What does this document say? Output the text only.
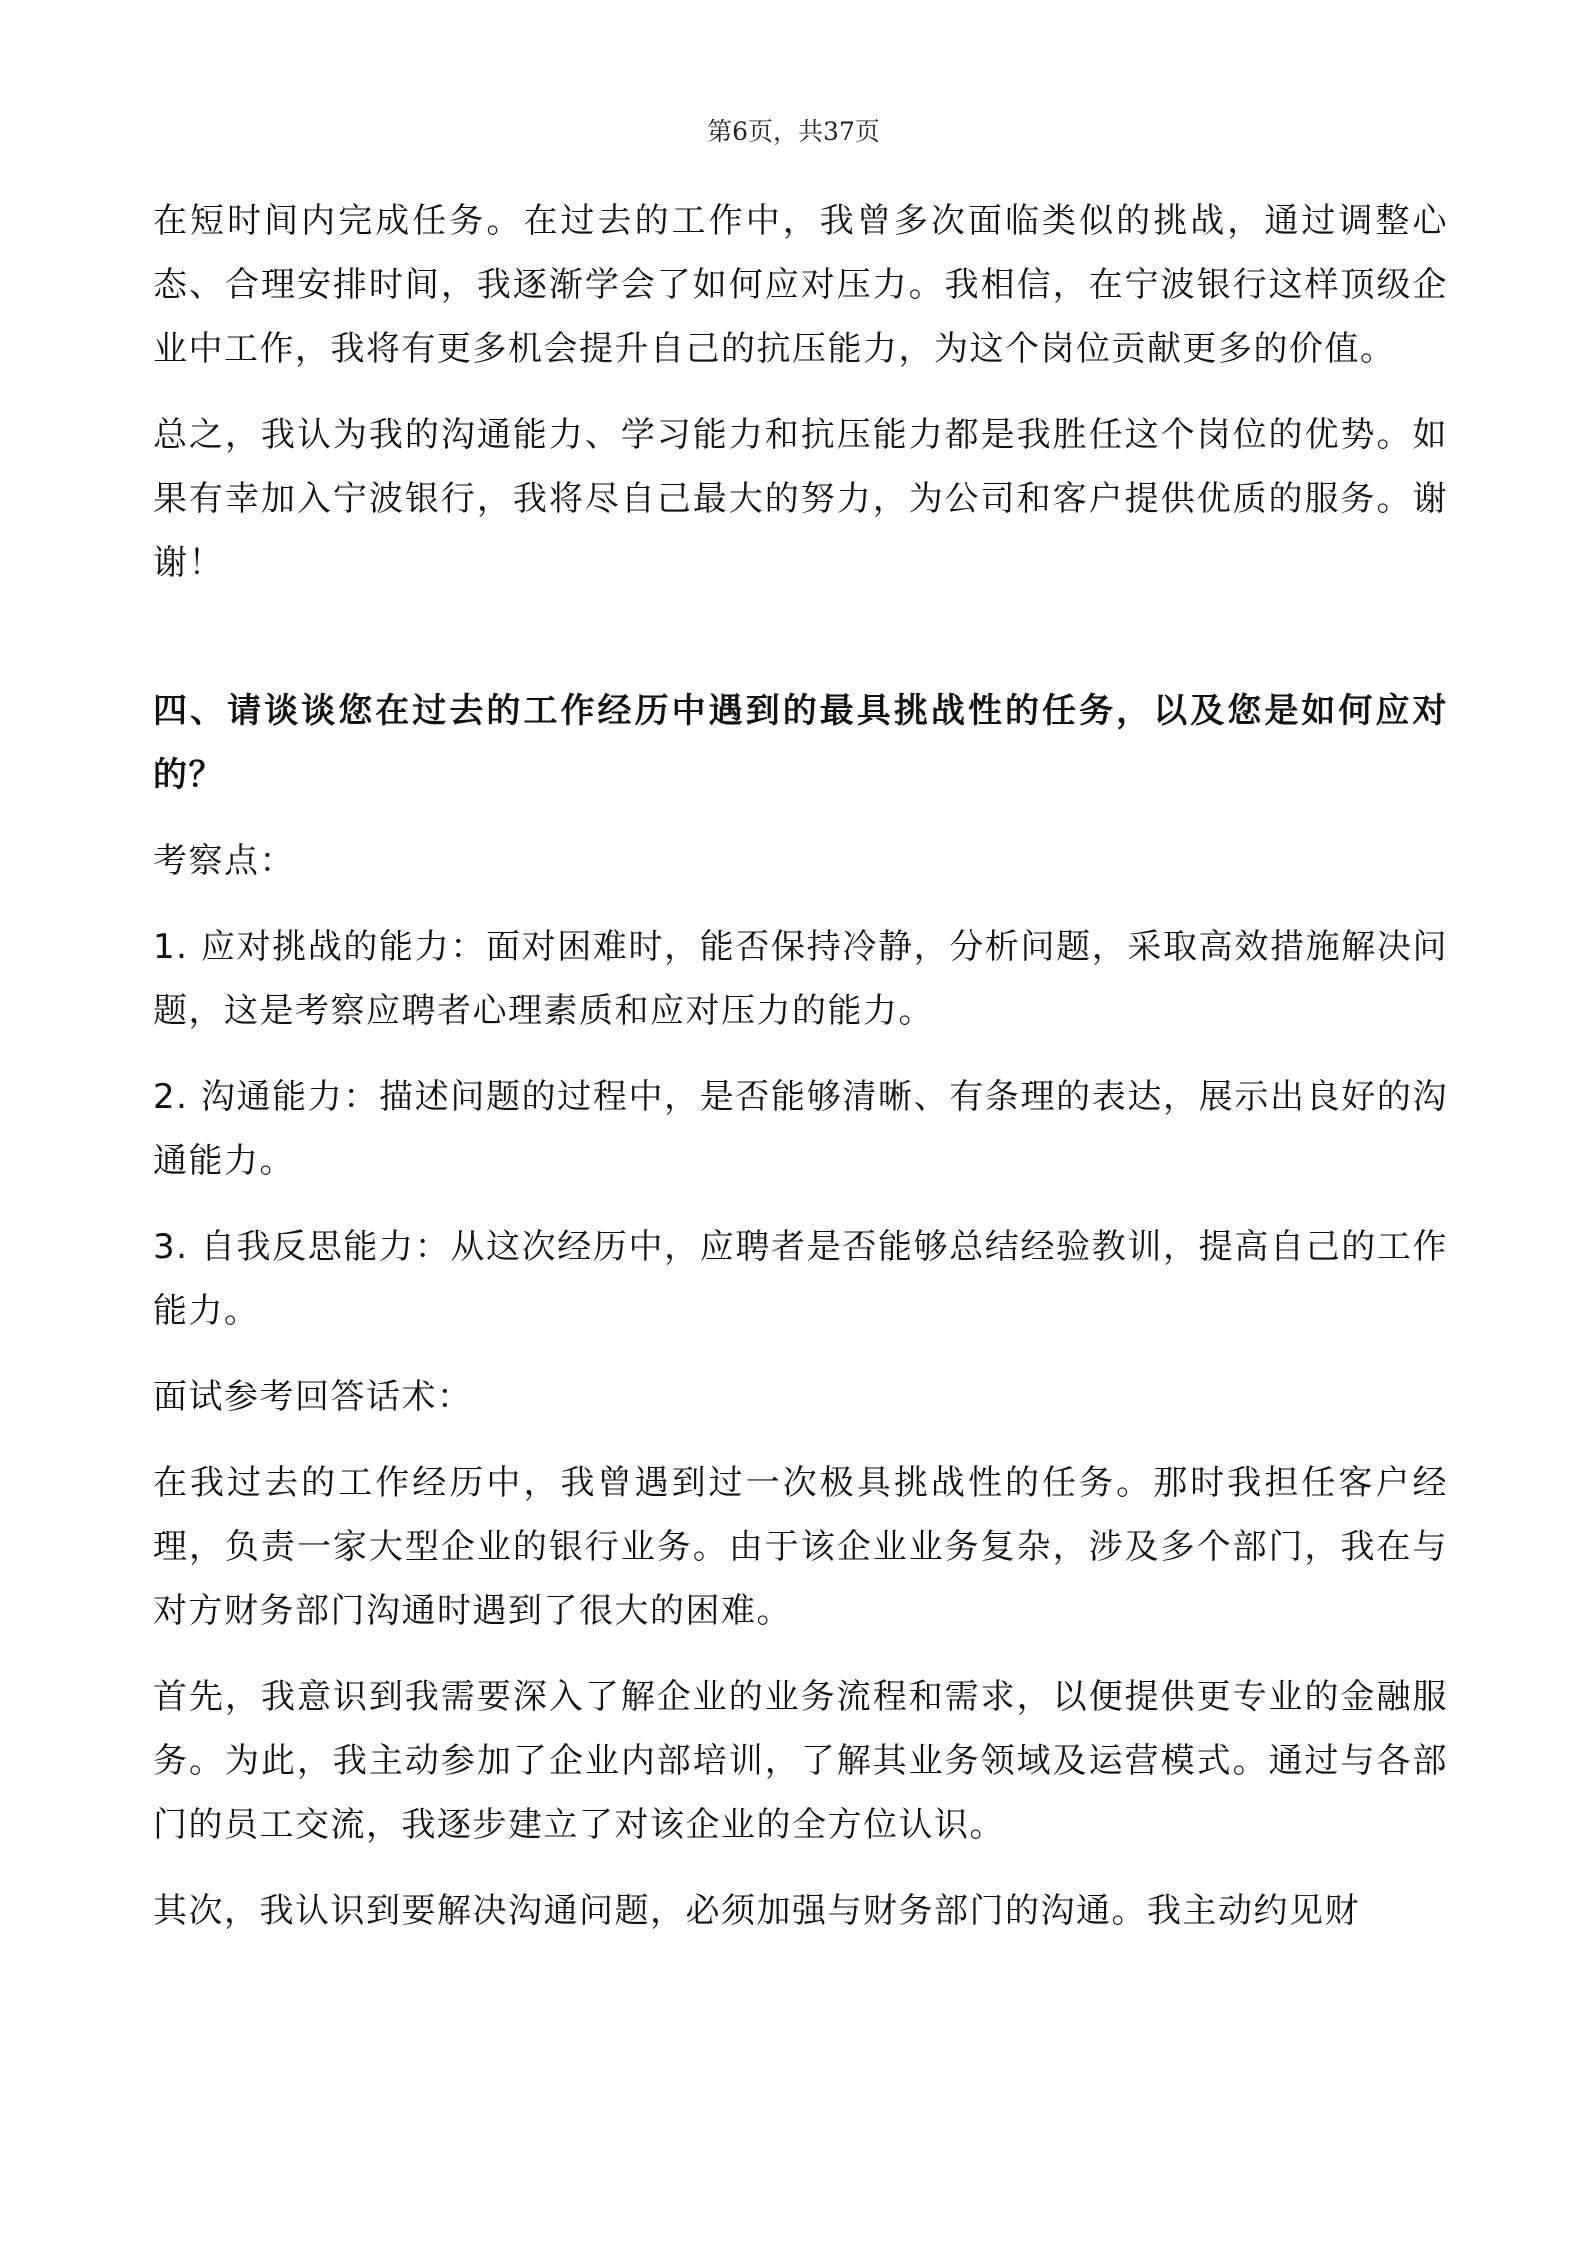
第6页，共37页

在短时间内完成任务。在过去的工作中，我曾多次面临类似的挑战，通过调整心态、合理安排时间，我逐渐学会了如何应对压力。我相信，在宁波银行这样顶级企业中工作，我将有更多机会提升自己的抗压能力，为这个岗位贡献更多的价值。

总之，我认为我的沟通能力、学习能力和抗压能力都是我胜任这个岗位的优势。如果有幸加入宁波银行，我将尽自己最大的努力，为公司和客户提供优质的服务。谢谢！

四、请谈谈您在过去的工作经历中遇到的最具挑战性的任务，以及您是如何应对的？

考察点：

1. 应对挑战的能力：面对困难时，能否保持冷静，分析问题，采取高效措施解决问题，这是考察应聘者心理素质和应对压力的能力。

2. 沟通能力：描述问题的过程中，是否能够清晰、有条理的表达，展示出良好的沟通能力。

3. 自我反思能力：从这次经历中，应聘者是否能够总结经验教训，提高自己的工作能力。

面试参考回答话术：

在我过去的工作经历中，我曾遇到过一次极具挑战性的任务。那时我担任客户经理，负责一家大型企业的银行业务。由于该企业业务复杂，涉及多个部门，我在与对方财务部门沟通时遇到了很大的困难。

首先，我意识到我需要深入了解企业的业务流程和需求，以便提供更专业的金融服务。为此，我主动参加了企业内部培训，了解其业务领域及运营模式。通过与各部门的员工交流，我逐步建立了对该企业的全方位认识。

其次，我认识到要解决沟通问题，必须加强与财务部门的沟通。我主动约见财
